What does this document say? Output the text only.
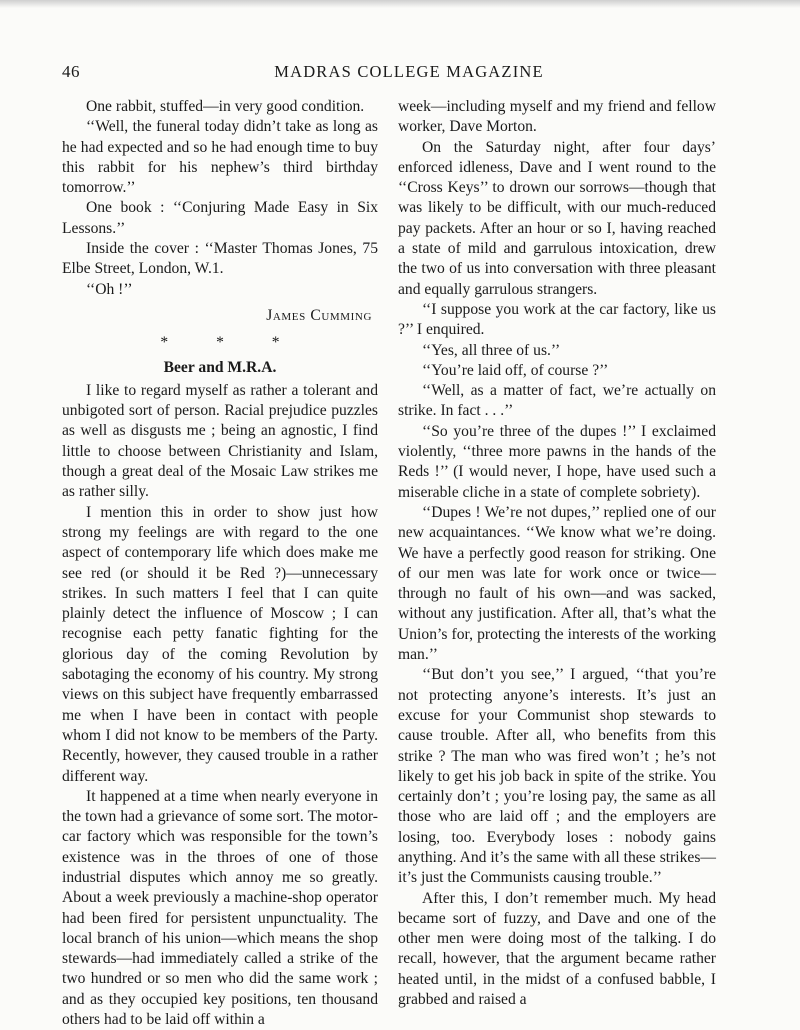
46	MADRAS COLLEGE MAGAZINE

One rabbit, stuffed—in very good condition.

‘‘Well, the funeral today didn’t take as long as he had expected and so he had enough time to buy this rabbit for his nephew’s third birthday tomorrow.’’

One book : ‘‘Conjuring Made Easy in Six Lessons.’’

Inside the cover : ‘‘Master Thomas Jones, 75 Elbe Street, London, W.1.

‘‘Oh !’’

James Cumming

* * *

Beer and M.R.A.

I like to regard myself as rather a tolerant and unbigoted sort of person. Racial prejudice puzzles as well as disgusts me ; being an agnostic, I find little to choose between Christianity and Islam, though a great deal of the Mosaic Law strikes me as rather silly.

I mention this in order to show just how strong my feelings are with regard to the one aspect of contemporary life which does make me see red (or should it be Red ?)—unnecessary strikes. In such matters I feel that I can quite plainly detect the influence of Moscow ; I can recognise each petty fanatic fighting for the glorious day of the coming Revolution by sabotaging the economy of his country. My strong views on this subject have frequently embarrassed me when I have been in contact with people whom I did not know to be members of the Party. Recently, however, they caused trouble in a rather different way.

It happened at a time when nearly everyone in the town had a grievance of some sort. The motor-car factory which was responsible for the town’s existence was in the throes of one of those industrial disputes which annoy me so greatly. About a week previously a machine-shop operator had been fired for persistent unpunctuality. The local branch of his union—which means the shop stewards—had immediately called a strike of the two hundred or so men who did the same work ; and as they occupied key positions, ten thousand others had to be laid off within a

week—including myself and my friend and fellow worker, Dave Morton.

On the Saturday night, after four days’ enforced idleness, Dave and I went round to the ‘‘Cross Keys’’ to drown our sorrows—though that was likely to be difficult, with our much-reduced pay packets. After an hour or so I, having reached a state of mild and garrulous intoxication, drew the two of us into conversation with three pleasant and equally garrulous strangers.

‘‘I suppose you work at the car factory, like us ?’’ I enquired.

‘‘Yes, all three of us.’’

‘‘You’re laid off, of course ?’’

‘‘Well, as a matter of fact, we’re actually on strike. In fact . . .’’

‘‘So you’re three of the dupes !’’ I exclaimed violently, ‘‘three more pawns in the hands of the Reds !’’ (I would never, I hope, have used such a miserable cliche in a state of complete sobriety).

‘‘Dupes ! We’re not dupes,’’ replied one of our new acquaintances. ‘‘We know what we’re doing. We have a perfectly good reason for striking. One of our men was late for work once or twice—through no fault of his own—and was sacked, without any justification. After all, that’s what the Union’s for, protecting the interests of the working man.’’

‘‘But don’t you see,’’ I argued, ‘‘that you’re not protecting anyone’s interests. It’s just an excuse for your Communist shop stewards to cause trouble. After all, who benefits from this strike ? The man who was fired won’t ; he’s not likely to get his job back in spite of the strike. You certainly don’t ; you’re losing pay, the same as all those who are laid off ; and the employers are losing, too. Everybody loses : nobody gains anything. And it’s the same with all these strikes—it’s just the Communists causing trouble.’’

After this, I don’t remember much. My head became sort of fuzzy, and Dave and one of the other men were doing most of the talking. I do recall, however, that the argument became rather heated until, in the midst of a confused babble, I grabbed and raised a
